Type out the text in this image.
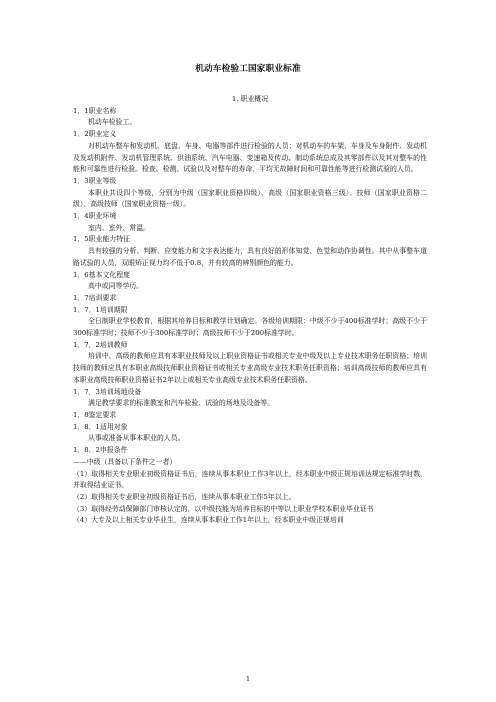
机动车检验工国家职业标准
1. 职业概况
1．1职业名称
机动车检验工。
1．2职业定义
对机动车整车和发动机、底盘、车身、电器等部件进行检验的人员；对机动车的车架、车身及车身附件、发动机及发动机附件、发动机管理系统、供油系统、汽车电器、变速箱及传动、制动系统总成及其零部件以及其对整车的性能和可靠性进行检验。检查、检测、试验以及对整车的寿命、平均无故障时间和可靠性能等进行检测试验的人员。
1．3职业等级
本职业共设四个等级，分别为中级（国家职业资格四级）、高级（国家职业资格三级）、技师（国家职业资格二级）、高级技师（国家职业资格一级）。
1．4职业环境
室内、室外、常温。
1．5职业能力特征
具有较强的分析、判断、应变能力和文字表达能力，具有良好的形体知觉、色觉和动作协调性。其中从事整车道路试验的人员，双眼矫正视力均不低于0.8，并有较高的辨别颜色的能力。
1．6基本文化程度
高中或同等学历。
1．7培训要求
1．7．1培训期限
全日制职业学校教育，根据其培养目标和教学计划确定。各级培训期限：中级不少于400标准学时；高级不少于300标准学时；技师不少于300标准学时；高级技师不少于200标准学时。
1．7．2培训教师
培训中、高级的教师应具有本职业技师及以上职业资格证书或相关专业中级及以上专业技术职务任职资格；培训技师的教师应具有本职业高级技师职业资格证书或相关专业高级专业技术职务任职资格；培训高级技师的教师应具有本职业高级技师职业资格证书2年以上或相关专业高级专业技术职务任职资格。
1．7．3培训场地设备
满足教学要求的标准教室和汽车检验、试验的场地及设备等。
1．8鉴定要求
1．8．1适用对象
从事或准备从事本职业的人员。
1．8．2申报条件
——中级（具备以下条件之一者）
（1）取得相关专业职业初级资格证书后，连续从事本职业工作3年以上，经本职业中级正规培训达规定标准学时数，并取得结业证书。
（2）取得相关专业职业初级资格证书后，连续从事本职业工作5年以上。
（3）取得经劳动保障部门审核认定的，以中级技能为培养目标的中等以上职业学校本职业毕业证书
（4）大专及以上相关专业毕业生，连续从事本职业工作1年以上，经本职业中级正规培训
1
